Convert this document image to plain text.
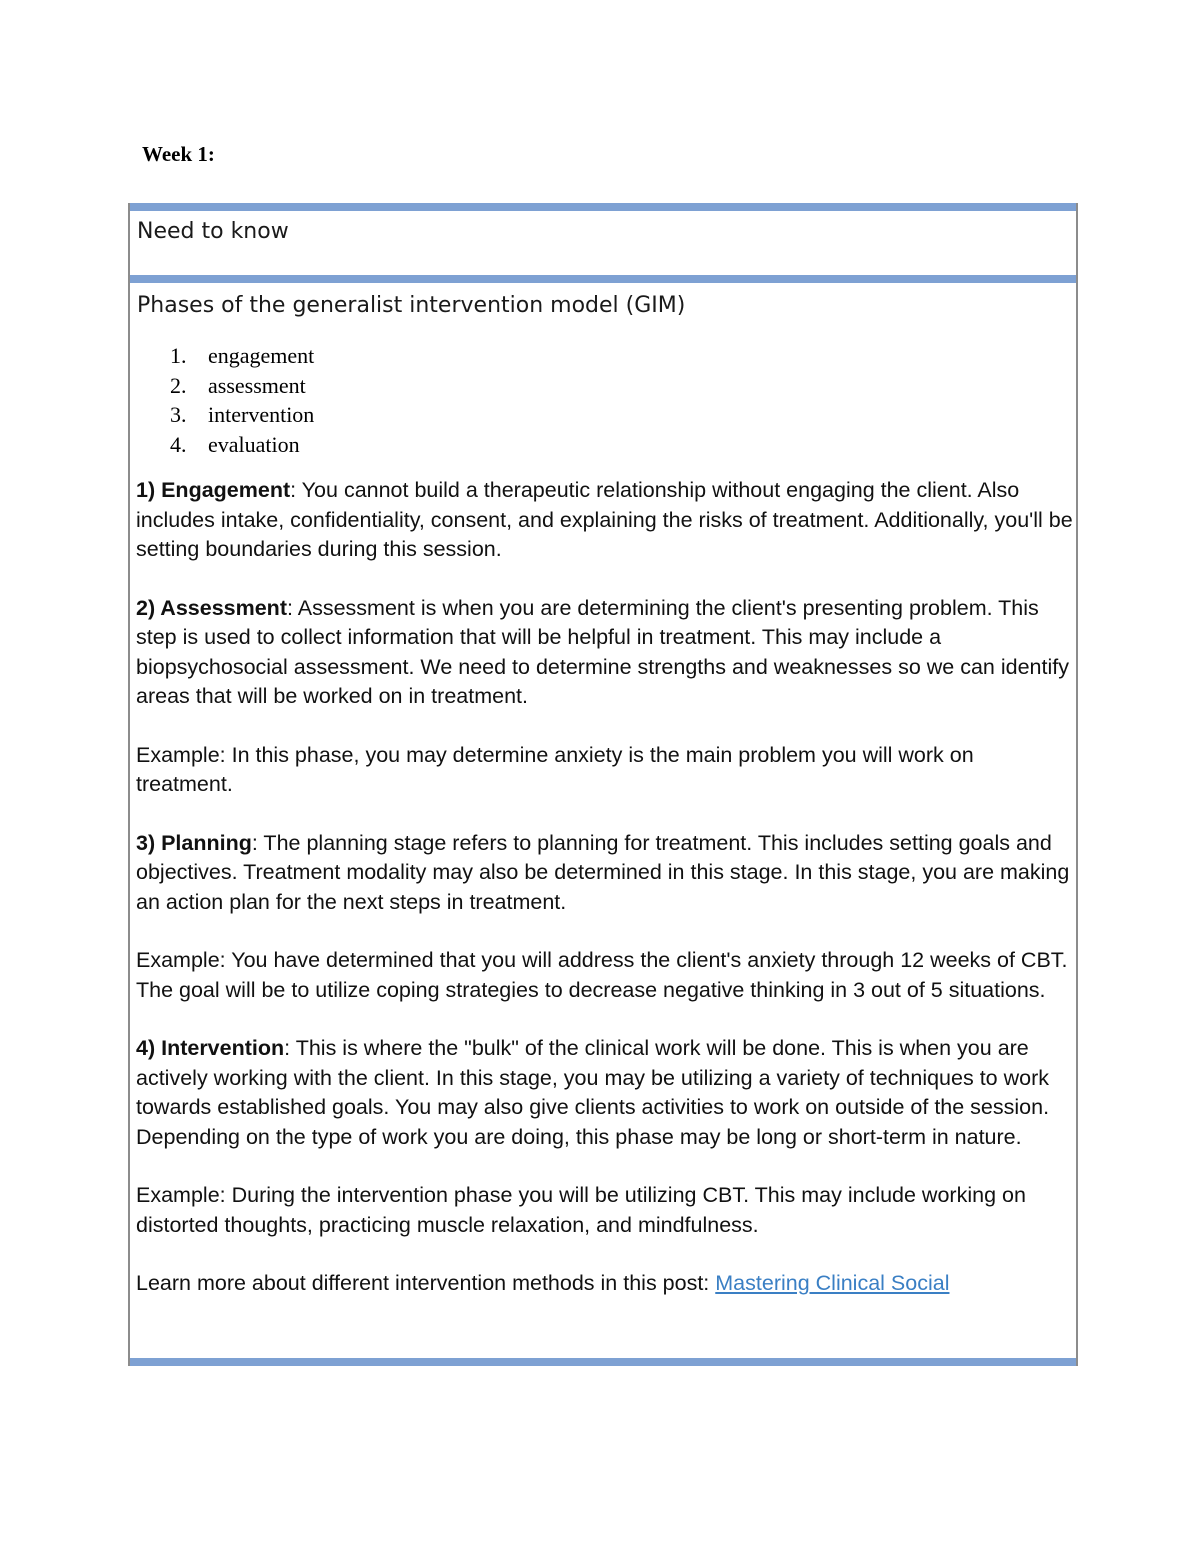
Week 1:
Need to know
Phases of the generalist intervention model (GIM)
1. engagement
2. assessment
3. intervention
4. evaluation

1) Engagement: You cannot build a therapeutic relationship without engaging the client. Also includes intake, confidentiality, consent, and explaining the risks of treatment. Additionally, you'll be setting boundaries during this session.

2) Assessment: Assessment is when you are determining the client's presenting problem. This step is used to collect information that will be helpful in treatment. This may include a biopsychosocial assessment. We need to determine strengths and weaknesses so we can identify areas that will be worked on in treatment.

Example: In this phase, you may determine anxiety is the main problem you will work on treatment.

3) Planning: The planning stage refers to planning for treatment. This includes setting goals and objectives. Treatment modality may also be determined in this stage. In this stage, you are making an action plan for the next steps in treatment.

Example: You have determined that you will address the client's anxiety through 12 weeks of CBT. The goal will be to utilize coping strategies to decrease negative thinking in 3 out of 5 situations.

4) Intervention: This is where the "bulk" of the clinical work will be done. This is when you are actively working with the client. In this stage, you may be utilizing a variety of techniques to work towards established goals. You may also give clients activities to work on outside of the session. Depending on the type of work you are doing, this phase may be long or short-term in nature.

Example: During the intervention phase you will be utilizing CBT. This may include working on distorted thoughts, practicing muscle relaxation, and mindfulness.

Learn more about different intervention methods in this post: Mastering Clinical Social
